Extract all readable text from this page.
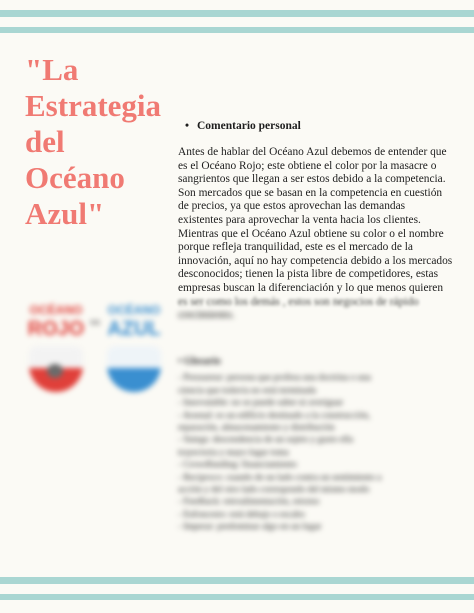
"La
Estrategia
del
Océano
Azul"
• Comentario personal
Antes de hablar del Océano Azul debemos de entender que
es el Océano Rojo; este obtiene el color por la masacre o
sangrientos que llegan a ser estos debido a la competencia.
Son mercados que se basan en la competencia en cuestión
de precios, ya que estos aprovechan las demandas
existentes para aprovechar la venta hacia los clientes.
Mientras que el Océano Azul obtiene su color o el nombre
porque refleja tranquilidad, este es el mercado de la
innovación, aquí no hay competencia debido a los mercados
desconocidos; tienen la pista libre de competidores, estas
empresas buscan la diferenciación y lo que menos quieren
es ser como los demás , estos son negocios de rápido
crecimiento.
OCÉANO
ROJO vs
OCÉANO
AZUL
• Glosario
- Pressureur: persona que profesa una doctrina o una
ciencia que todavía no está terminada
- Innovatable: no se puede saber ni averiguar
- Arsenal: es un edificio destinado a la construcción,
reparación, almacenamiento y distribución
- Sniegs: descendencia de un sujeto y gusto ella
trayectoria y mayo lugar toma
- Crowdfunding: financiamiento
- Reciproco: cuando de un lado contra un sentimiento a
acción y del otro lado correspondo del mismo modo
- Feedback: retroalimentación, retorno
- Enfoncesto: está debajo o escabo
- Imperar: predominar algo en un lugar
